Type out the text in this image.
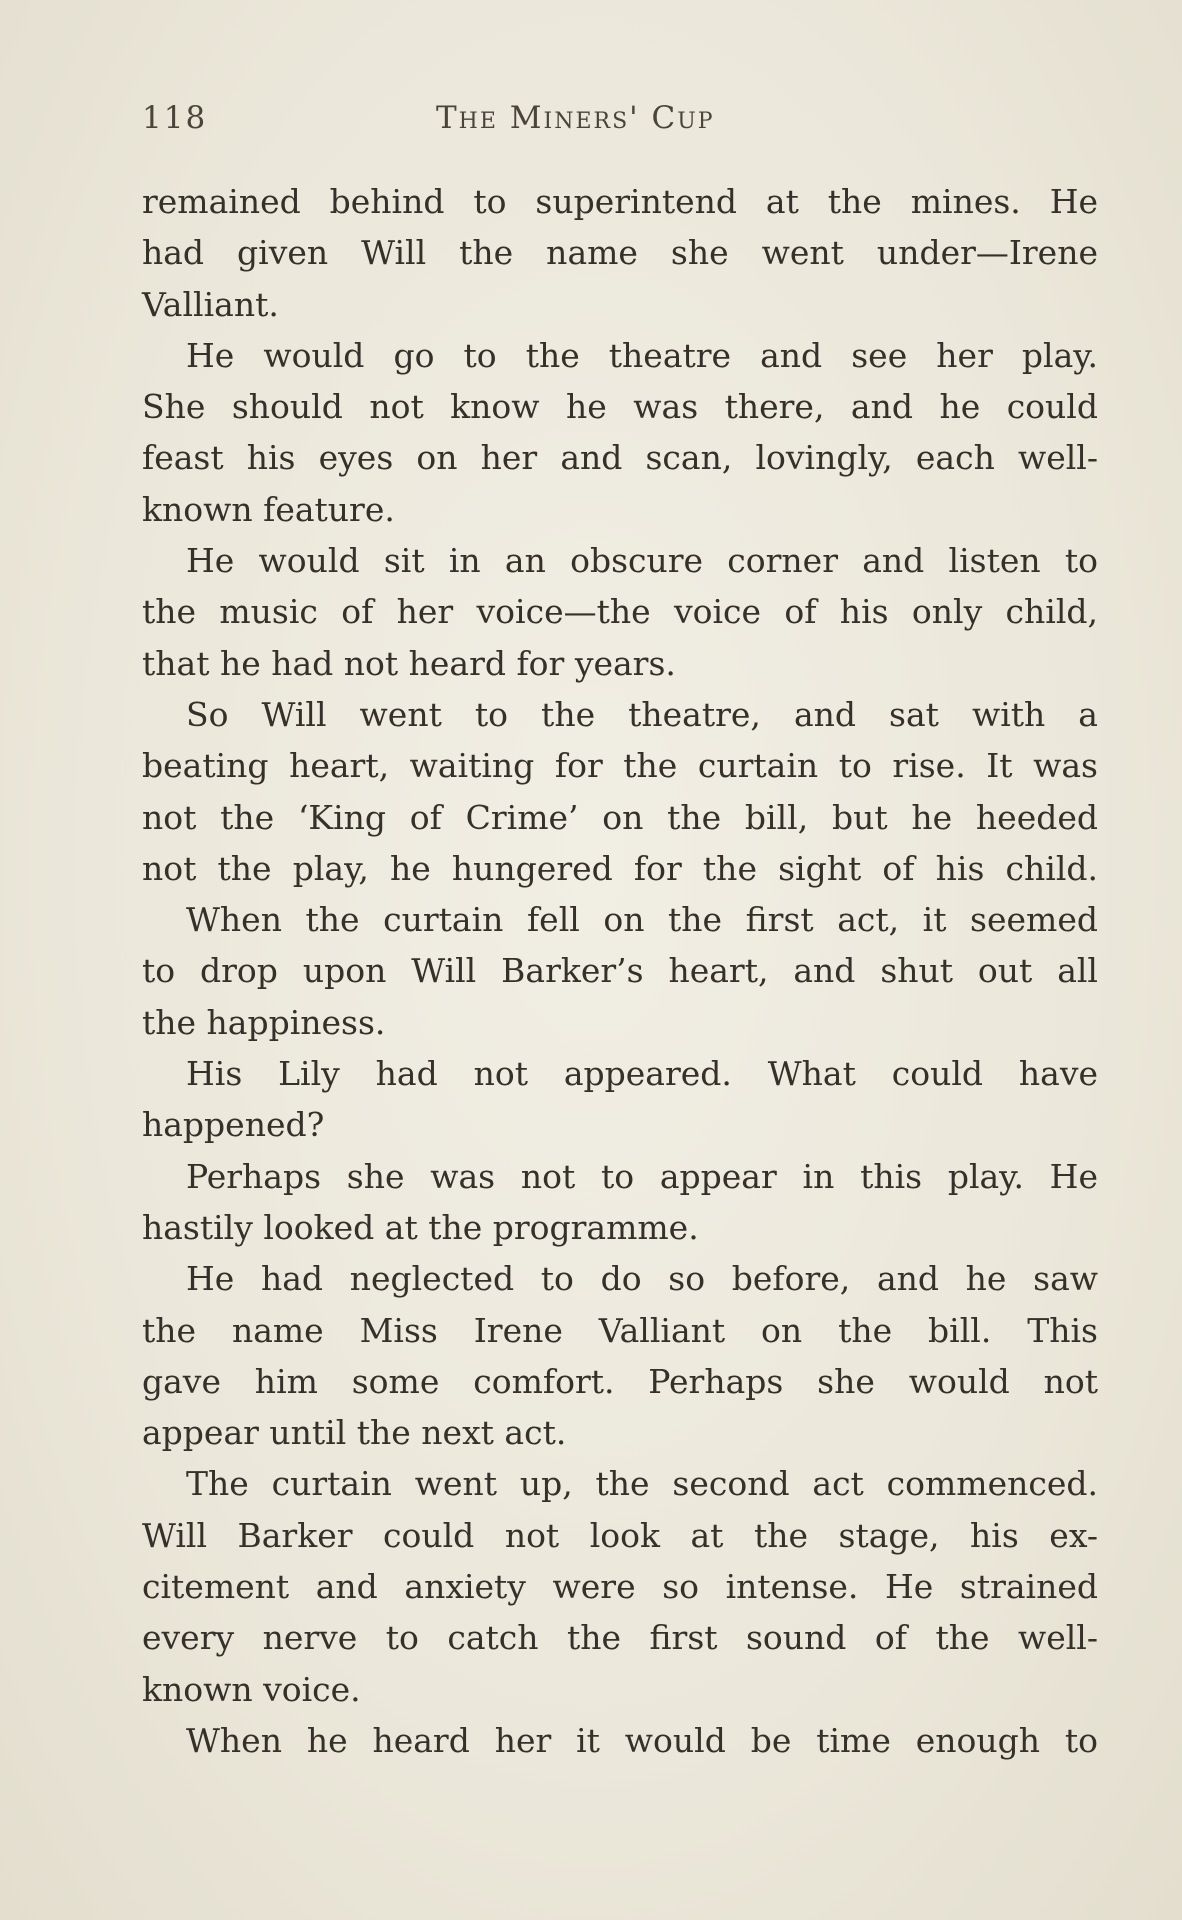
118	The Miners' Cup
remained behind to superintend at the mines. He
had given Will the name she went under—Irene
Valliant.
He would go to the theatre and see her play.
She should not know he was there, and he could
feast his eyes on her and scan, lovingly, each well-
known feature.
He would sit in an obscure corner and listen to
the music of her voice—the voice of his only child,
that he had not heard for years.
So Will went to the theatre, and sat with a
beating heart, waiting for the curtain to rise. It was
not the ‘King of Crime’ on the bill, but he heeded
not the play, he hungered for the sight of his child.
When the curtain fell on the first act, it seemed
to drop upon Will Barker’s heart, and shut out all
the happiness.
His Lily had not appeared. What could have
happened?
Perhaps she was not to appear in this play. He
hastily looked at the programme.
He had neglected to do so before, and he saw
the name Miss Irene Valliant on the bill. This
gave him some comfort. Perhaps she would not
appear until the next act.
The curtain went up, the second act commenced.
Will Barker could not look at the stage, his ex-
citement and anxiety were so intense. He strained
every nerve to catch the first sound of the well-
known voice.
When he heard her it would be time enough to
